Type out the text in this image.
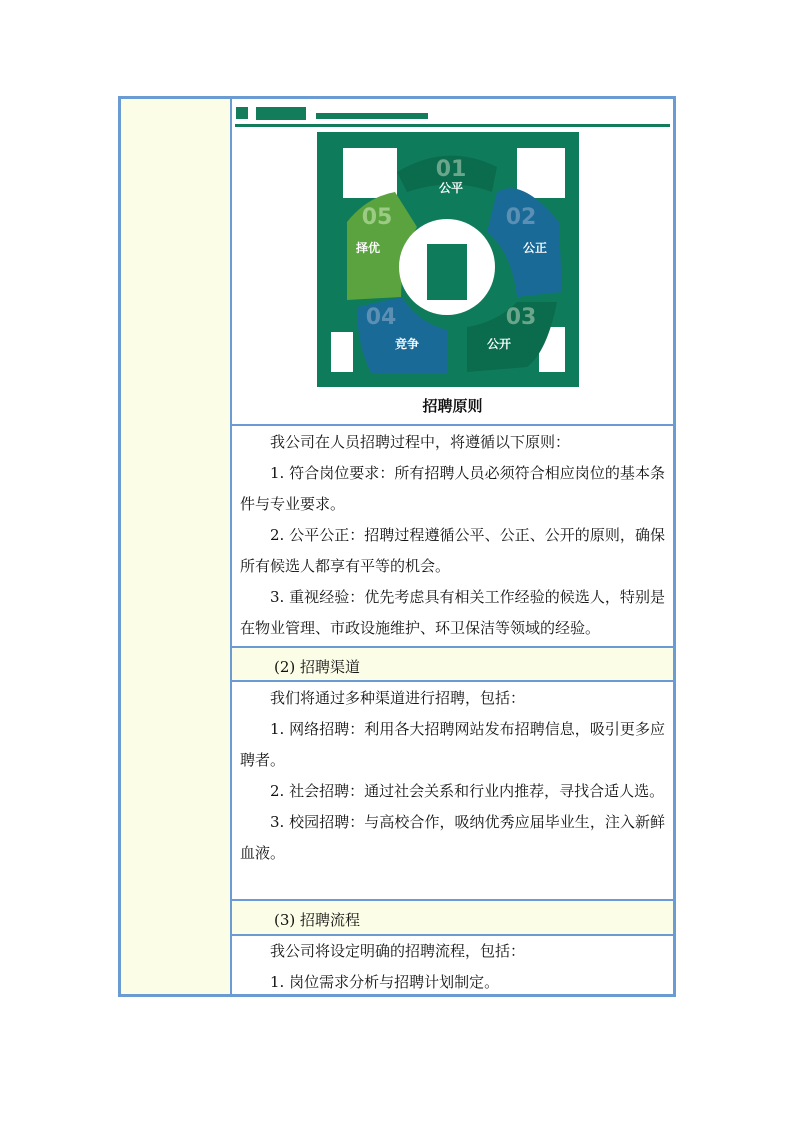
01
公平
02
公正
03
公开
04
竞争
05
择优
招聘原则

我公司在人员招聘过程中，将遵循以下原则：

1. 符合岗位要求：所有招聘人员必须符合相应岗位的基本条件与专业要求。

2. 公平公正：招聘过程遵循公平、公正、公开的原则，确保所有候选人都享有平等的机会。

3. 重视经验：优先考虑具有相关工作经验的候选人，特别是在物业管理、市政设施维护、环卫保洁等领域的经验。

(2) 招聘渠道

我们将通过多种渠道进行招聘，包括：

1. 网络招聘：利用各大招聘网站发布招聘信息，吸引更多应聘者。

2. 社会招聘：通过社会关系和行业内推荐，寻找合适人选。

3. 校园招聘：与高校合作，吸纳优秀应届毕业生，注入新鲜血液。

(3) 招聘流程

我公司将设定明确的招聘流程，包括：

1. 岗位需求分析与招聘计划制定。
